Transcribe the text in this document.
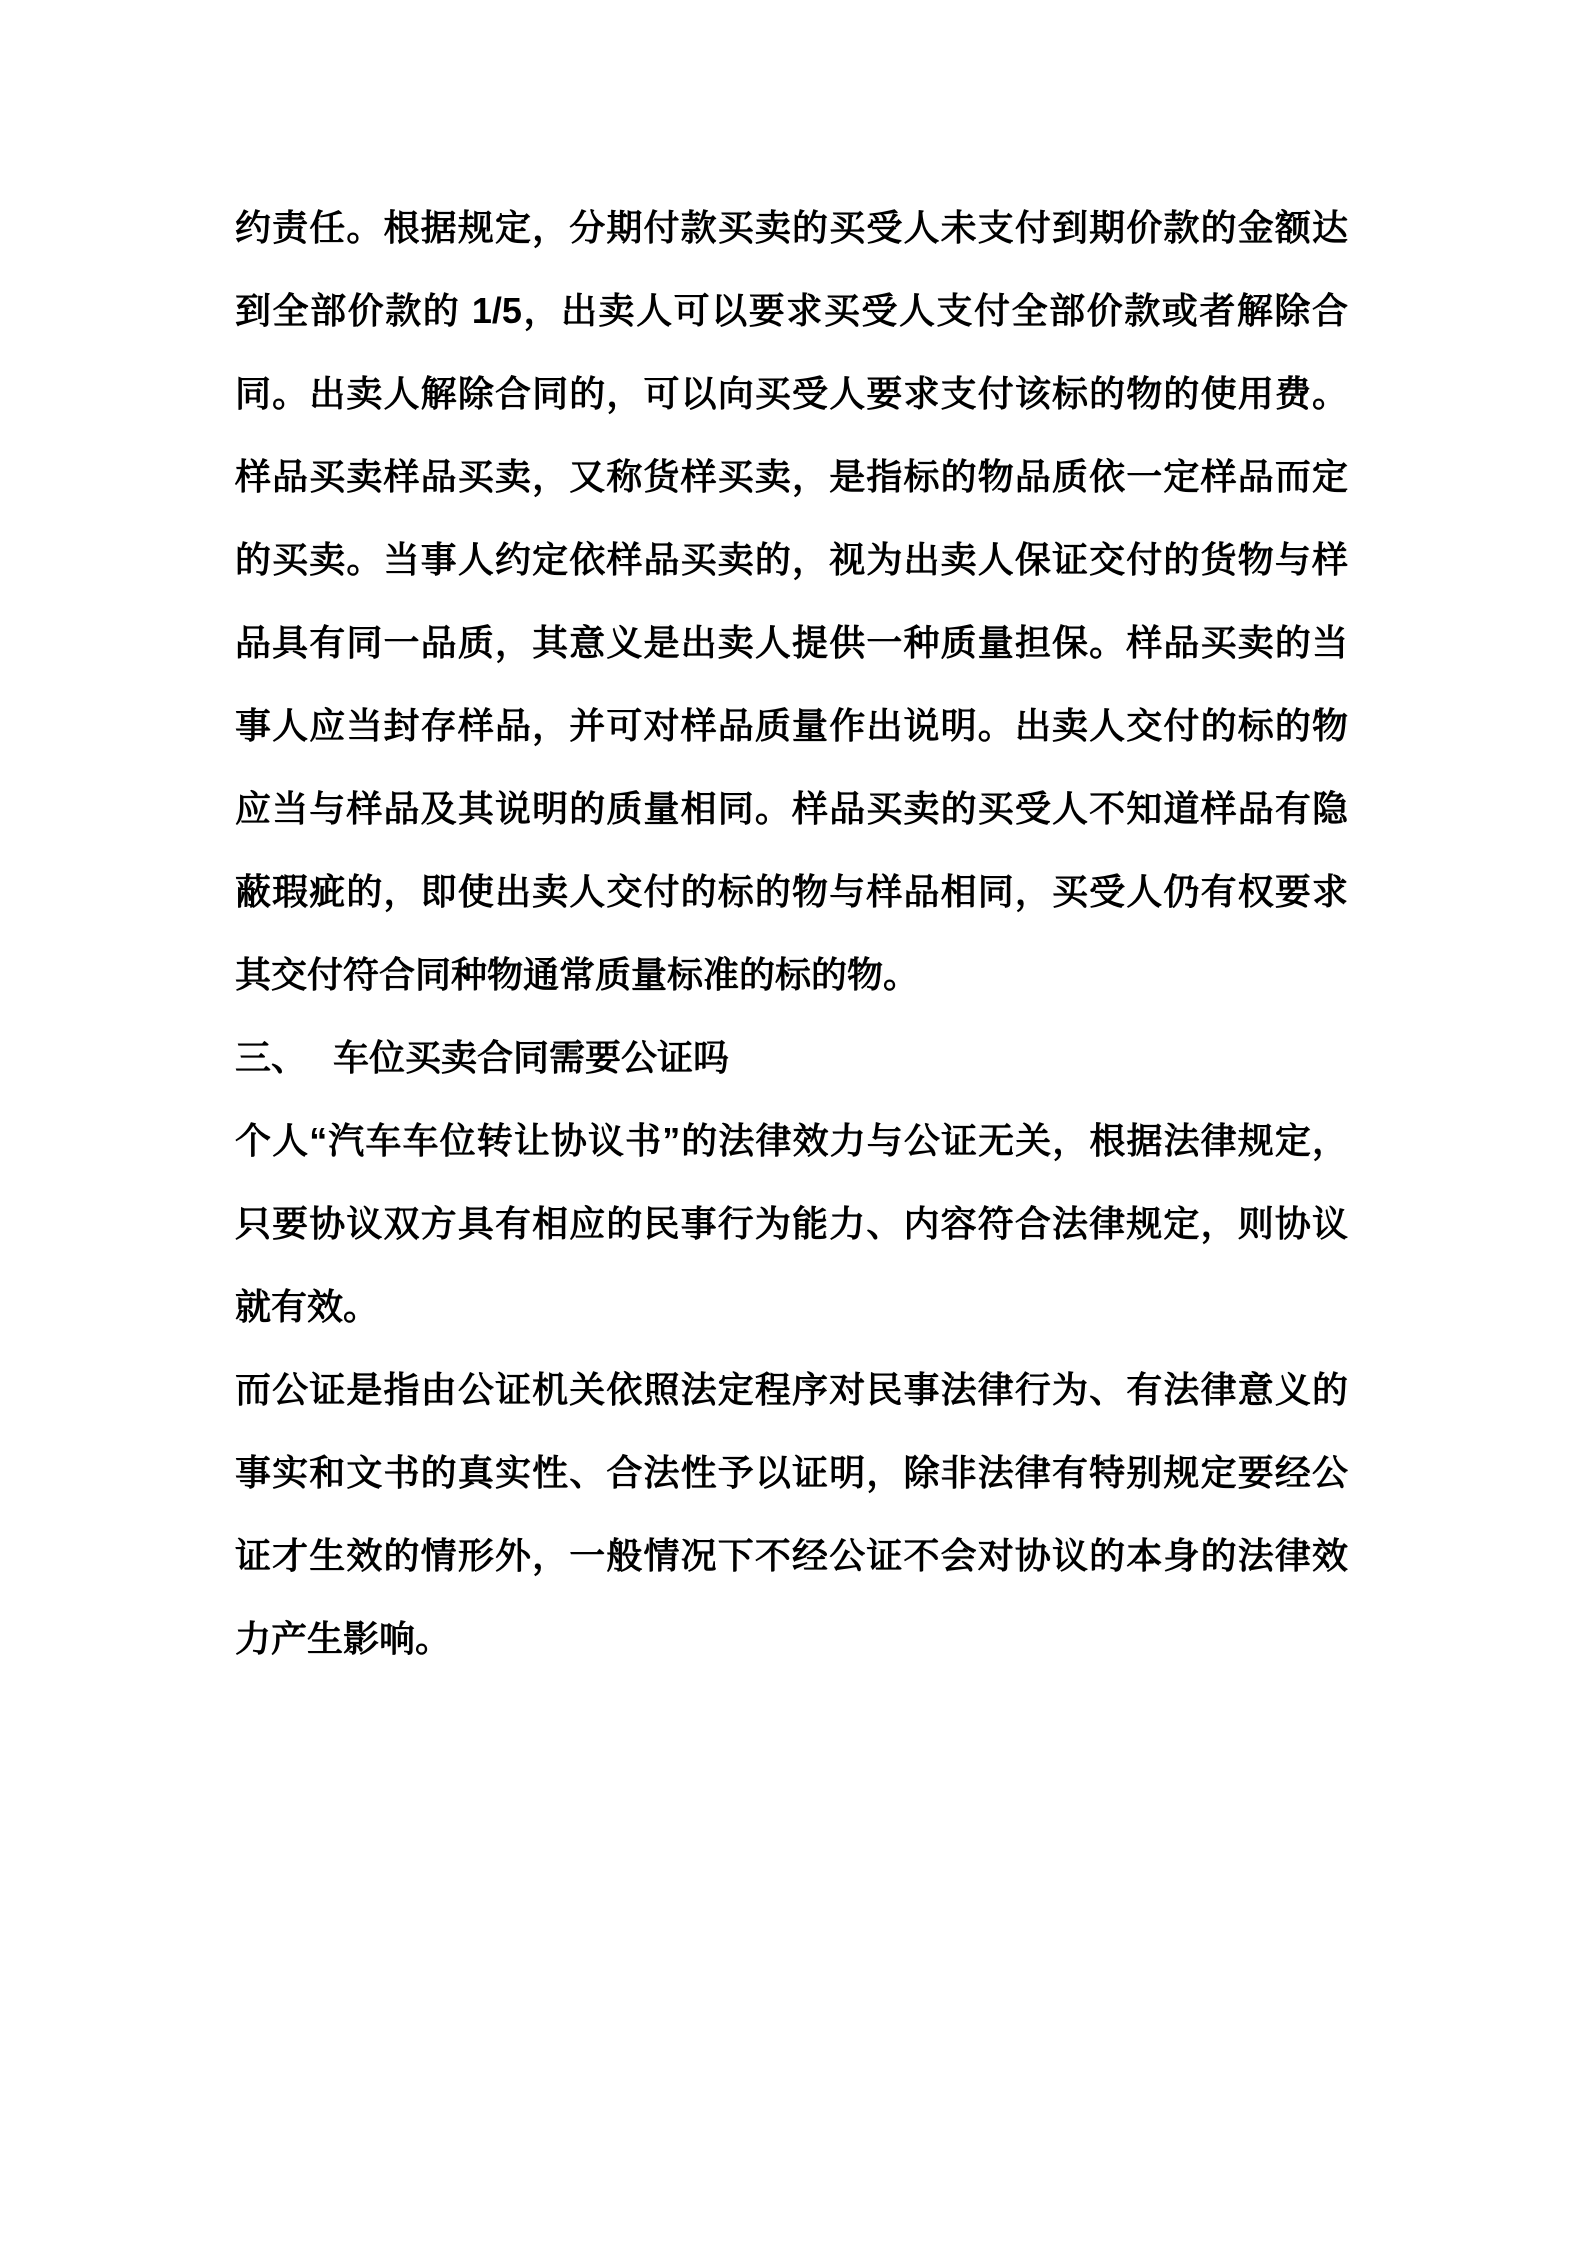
约责任。根据规定，分期付款买卖的买受人未支付到期价款的金额达
到全部价款的 1/5，出卖人可以要求买受人支付全部价款或者解除合
同。出卖人解除合同的，可以向买受人要求支付该标的物的使用费。
样品买卖样品买卖，又称货样买卖，是指标的物品质依一定样品而定
的买卖。当事人约定依样品买卖的，视为出卖人保证交付的货物与样
品具有同一品质，其意义是出卖人提供一种质量担保。样品买卖的当
事人应当封存样品，并可对样品质量作出说明。出卖人交付的标的物
应当与样品及其说明的质量相同。样品买卖的买受人不知道样品有隐
蔽瑕疵的，即使出卖人交付的标的物与样品相同，买受人仍有权要求
其交付符合同种物通常质量标准的标的物。
三、 车位买卖合同需要公证吗
个人“汽车车位转让协议书”的法律效力与公证无关，根据法律规定，
只要协议双方具有相应的民事行为能力、内容符合法律规定，则协议
就有效。
而公证是指由公证机关依照法定程序对民事法律行为、有法律意义的
事实和文书的真实性、合法性予以证明，除非法律有特别规定要经公
证才生效的情形外，一般情况下不经公证不会对协议的本身的法律效
力产生影响。
